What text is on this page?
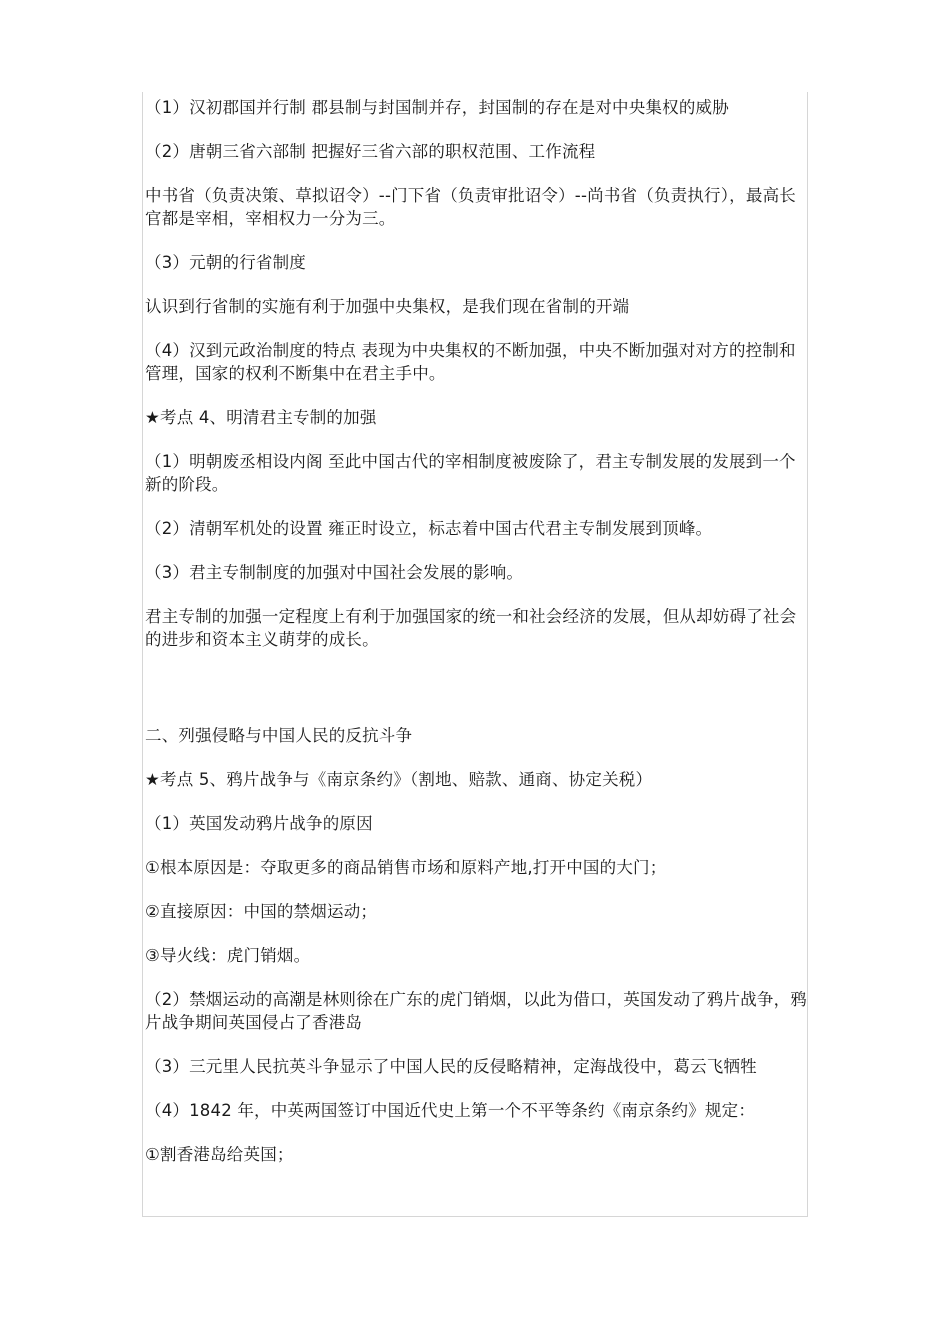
（1）汉初郡国并行制 郡县制与封国制并存，封国制的存在是对中央集权的威胁

（2）唐朝三省六部制 把握好三省六部的职权范围、工作流程

中书省（负责决策、草拟诏令）--门下省（负责审批诏令）--尚书省（负责执行），最高长官都是宰相，宰相权力一分为三。

（3）元朝的行省制度

认识到行省制的实施有利于加强中央集权，是我们现在省制的开端

（4）汉到元政治制度的特点 表现为中央集权的不断加强，中央不断加强对对方的控制和管理，国家的权利不断集中在君主手中。

★考点 4、明清君主专制的加强

（1）明朝废丞相设内阁 至此中国古代的宰相制度被废除了，君主专制发展的发展到一个新的阶段。

（2）清朝军机处的设置 雍正时设立，标志着中国古代君主专制发展到顶峰。

（3）君主专制制度的加强对中国社会发展的影响。

君主专制的加强一定程度上有利于加强国家的统一和社会经济的发展，但从却妨碍了社会的进步和资本主义萌芽的成长。

二、列强侵略与中国人民的反抗斗争

★考点 5、鸦片战争与《南京条约》（割地、赔款、通商、协定关税）

（1）英国发动鸦片战争的原因

①根本原因是：夺取更多的商品销售市场和原料产地,打开中国的大门；

②直接原因：中国的禁烟运动；

③导火线：虎门销烟。

（2）禁烟运动的高潮是林则徐在广东的虎门销烟，以此为借口，英国发动了鸦片战争，鸦片战争期间英国侵占了香港岛

（3）三元里人民抗英斗争显示了中国人民的反侵略精神，定海战役中，葛云飞牺牲

（4）1842 年，中英两国签订中国近代史上第一个不平等条约《南京条约》规定：

①割香港岛给英国；
